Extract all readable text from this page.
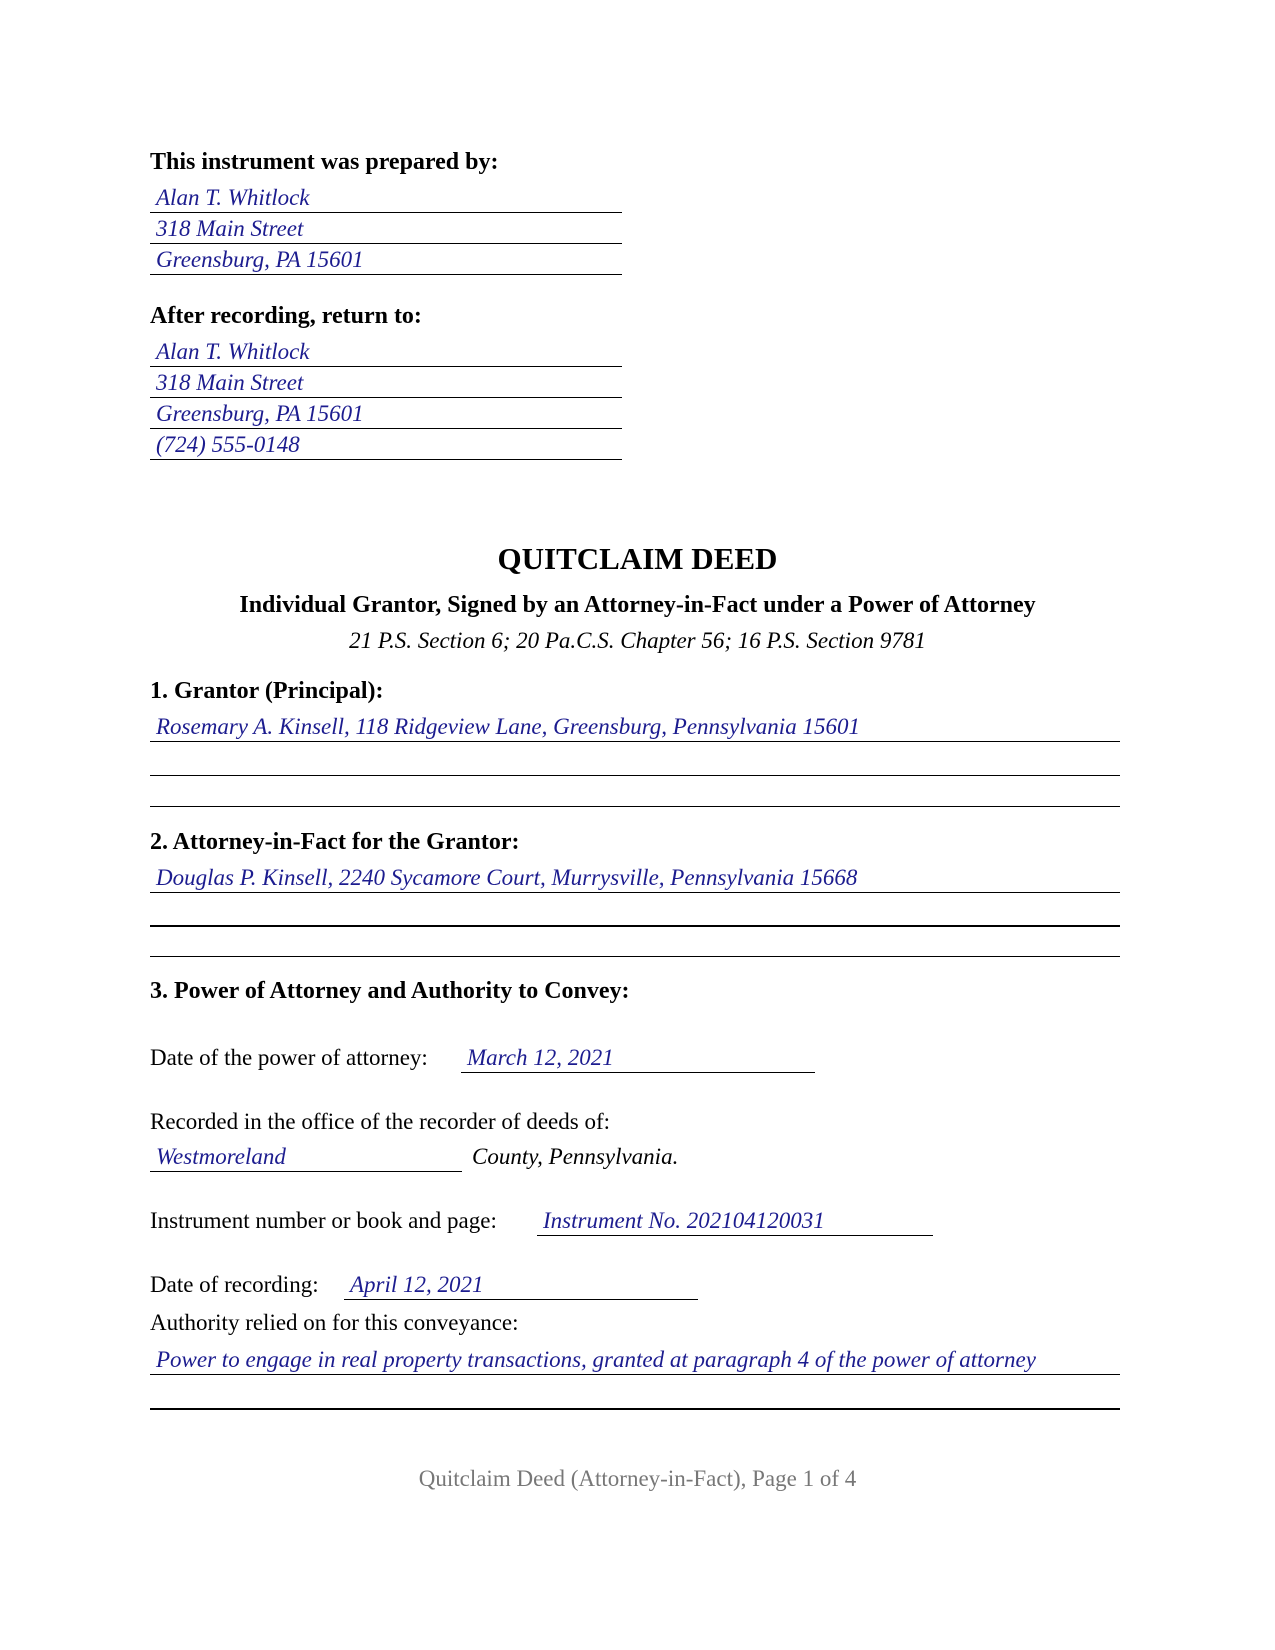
This instrument was prepared by:
Alan T. Whitlock
318 Main Street
Greensburg, PA 15601
After recording, return to:
Alan T. Whitlock
318 Main Street
Greensburg, PA 15601
(724) 555-0148
QUITCLAIM DEED
Individual Grantor, Signed by an Attorney-in-Fact under a Power of Attorney
21 P.S. Section 6; 20 Pa.C.S. Chapter 56; 16 P.S. Section 9781
1. Grantor (Principal):
Rosemary A. Kinsell, 118 Ridgeview Lane, Greensburg, Pennsylvania 15601
2. Attorney-in-Fact for the Grantor:
Douglas P. Kinsell, 2240 Sycamore Court, Murrysville, Pennsylvania 15668
3. Power of Attorney and Authority to Convey:
Date of the power of attorney: March 12, 2021
Recorded in the office of the recorder of deeds of:
Westmoreland	County, Pennsylvania.
Instrument number or book and page: Instrument No. 202104120031
Date of recording: April 12, 2021
Authority relied on for this conveyance:
Power to engage in real property transactions, granted at paragraph 4 of the power of attorney
Quitclaim Deed (Attorney-in-Fact), Page 1 of 4
